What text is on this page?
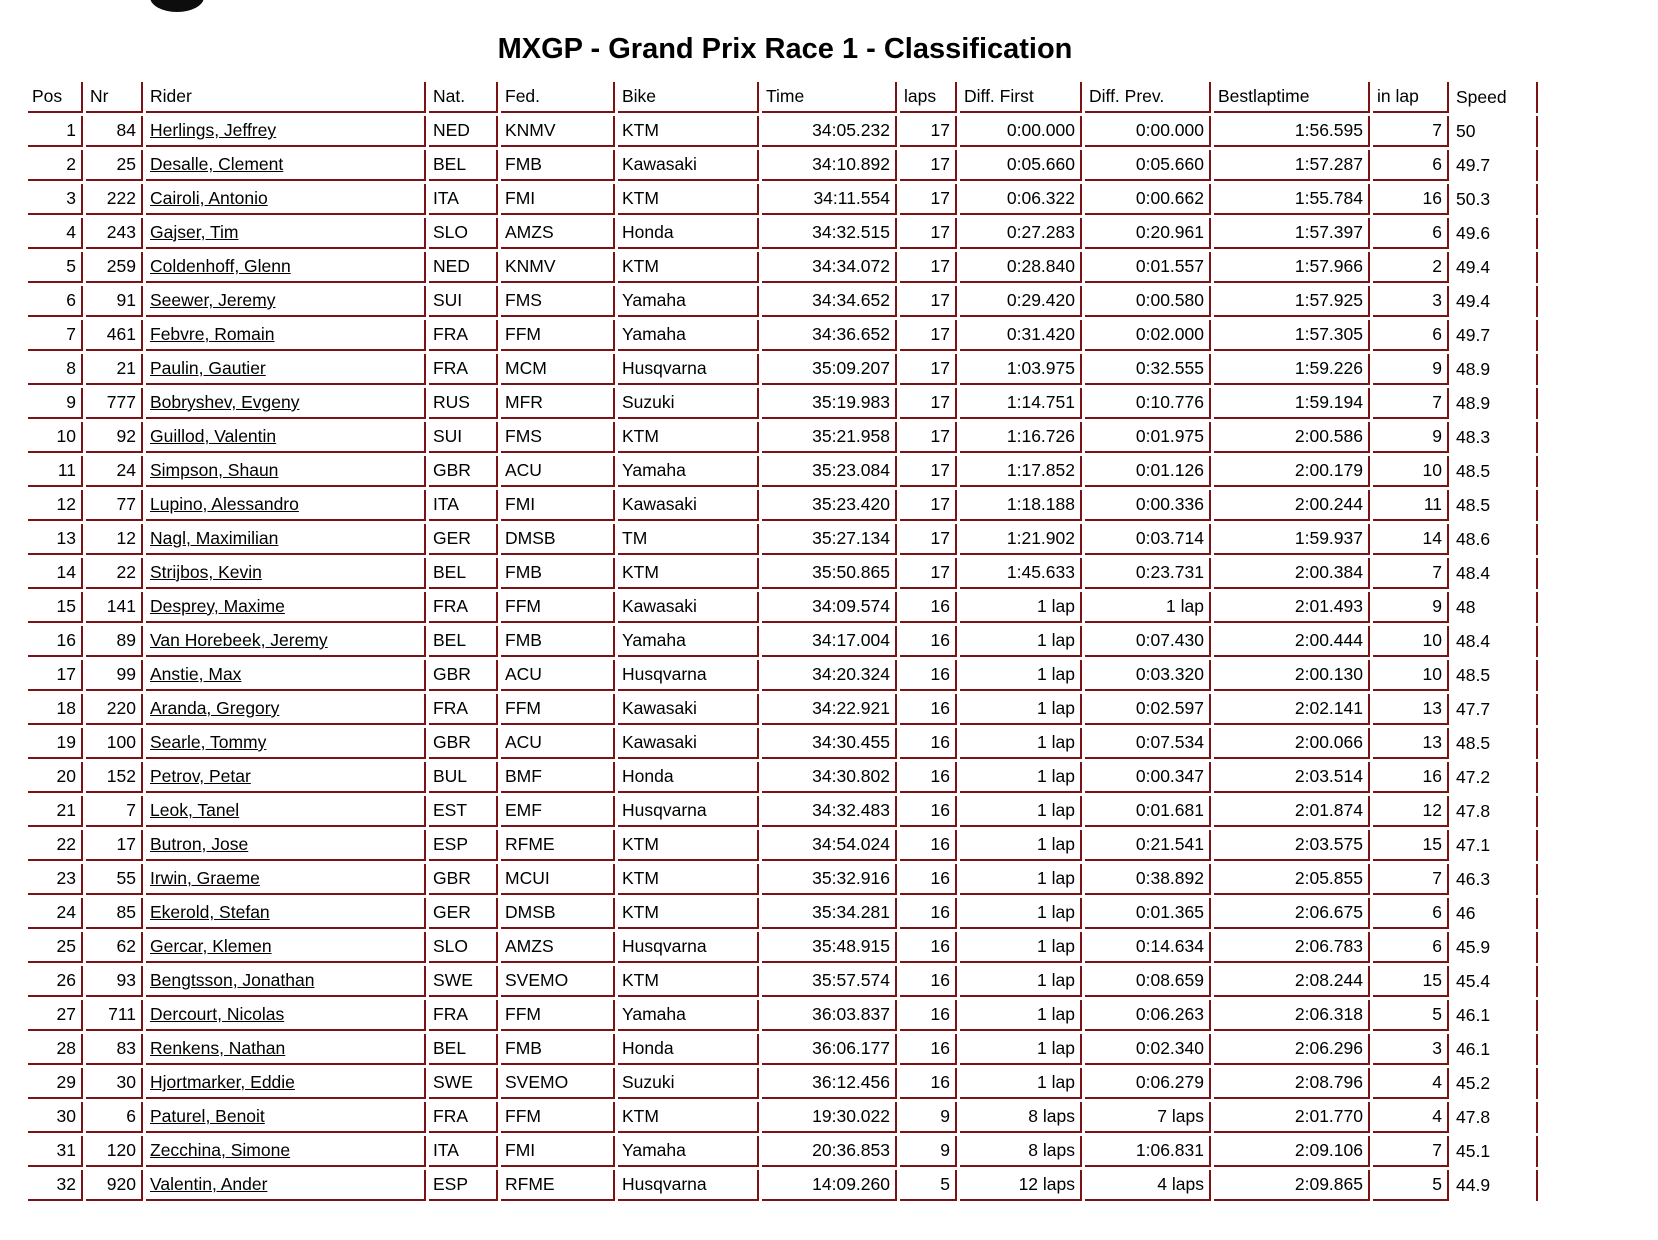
MXGP - Grand Prix Race 1 - Classification
Pos	Nr	Rider	Nat.	Fed.	Bike	Time	laps	Diff. First	Diff. Prev.	Bestlaptime	in lap	Speed
1	84	Herlings, Jeffrey	NED	KNMV	KTM	34:05.232	17	0:00.000	0:00.000	1:56.595	7	50
2	25	Desalle, Clement	BEL	FMB	Kawasaki	34:10.892	17	0:05.660	0:05.660	1:57.287	6	49.7
3	222	Cairoli, Antonio	ITA	FMI	KTM	34:11.554	17	0:06.322	0:00.662	1:55.784	16	50.3
4	243	Gajser, Tim	SLO	AMZS	Honda	34:32.515	17	0:27.283	0:20.961	1:57.397	6	49.6
5	259	Coldenhoff, Glenn	NED	KNMV	KTM	34:34.072	17	0:28.840	0:01.557	1:57.966	2	49.4
6	91	Seewer, Jeremy	SUI	FMS	Yamaha	34:34.652	17	0:29.420	0:00.580	1:57.925	3	49.4
7	461	Febvre, Romain	FRA	FFM	Yamaha	34:36.652	17	0:31.420	0:02.000	1:57.305	6	49.7
8	21	Paulin, Gautier	FRA	MCM	Husqvarna	35:09.207	17	1:03.975	0:32.555	1:59.226	9	48.9
9	777	Bobryshev, Evgeny	RUS	MFR	Suzuki	35:19.983	17	1:14.751	0:10.776	1:59.194	7	48.9
10	92	Guillod, Valentin	SUI	FMS	KTM	35:21.958	17	1:16.726	0:01.975	2:00.586	9	48.3
11	24	Simpson, Shaun	GBR	ACU	Yamaha	35:23.084	17	1:17.852	0:01.126	2:00.179	10	48.5
12	77	Lupino, Alessandro	ITA	FMI	Kawasaki	35:23.420	17	1:18.188	0:00.336	2:00.244	11	48.5
13	12	Nagl, Maximilian	GER	DMSB	TM	35:27.134	17	1:21.902	0:03.714	1:59.937	14	48.6
14	22	Strijbos, Kevin	BEL	FMB	KTM	35:50.865	17	1:45.633	0:23.731	2:00.384	7	48.4
15	141	Desprey, Maxime	FRA	FFM	Kawasaki	34:09.574	16	1 lap	1 lap	2:01.493	9	48
16	89	Van Horebeek, Jeremy	BEL	FMB	Yamaha	34:17.004	16	1 lap	0:07.430	2:00.444	10	48.4
17	99	Anstie, Max	GBR	ACU	Husqvarna	34:20.324	16	1 lap	0:03.320	2:00.130	10	48.5
18	220	Aranda, Gregory	FRA	FFM	Kawasaki	34:22.921	16	1 lap	0:02.597	2:02.141	13	47.7
19	100	Searle, Tommy	GBR	ACU	Kawasaki	34:30.455	16	1 lap	0:07.534	2:00.066	13	48.5
20	152	Petrov, Petar	BUL	BMF	Honda	34:30.802	16	1 lap	0:00.347	2:03.514	16	47.2
21	7	Leok, Tanel	EST	EMF	Husqvarna	34:32.483	16	1 lap	0:01.681	2:01.874	12	47.8
22	17	Butron, Jose	ESP	RFME	KTM	34:54.024	16	1 lap	0:21.541	2:03.575	15	47.1
23	55	Irwin, Graeme	GBR	MCUI	KTM	35:32.916	16	1 lap	0:38.892	2:05.855	7	46.3
24	85	Ekerold, Stefan	GER	DMSB	KTM	35:34.281	16	1 lap	0:01.365	2:06.675	6	46
25	62	Gercar, Klemen	SLO	AMZS	Husqvarna	35:48.915	16	1 lap	0:14.634	2:06.783	6	45.9
26	93	Bengtsson, Jonathan	SWE	SVEMO	KTM	35:57.574	16	1 lap	0:08.659	2:08.244	15	45.4
27	711	Dercourt, Nicolas	FRA	FFM	Yamaha	36:03.837	16	1 lap	0:06.263	2:06.318	5	46.1
28	83	Renkens, Nathan	BEL	FMB	Honda	36:06.177	16	1 lap	0:02.340	2:06.296	3	46.1
29	30	Hjortmarker, Eddie	SWE	SVEMO	Suzuki	36:12.456	16	1 lap	0:06.279	2:08.796	4	45.2
30	6	Paturel, Benoit	FRA	FFM	KTM	19:30.022	9	8 laps	7 laps	2:01.770	4	47.8
31	120	Zecchina, Simone	ITA	FMI	Yamaha	20:36.853	9	8 laps	1:06.831	2:09.106	7	45.1
32	920	Valentin, Ander	ESP	RFME	Husqvarna	14:09.260	5	12 laps	4 laps	2:09.865	5	44.9
